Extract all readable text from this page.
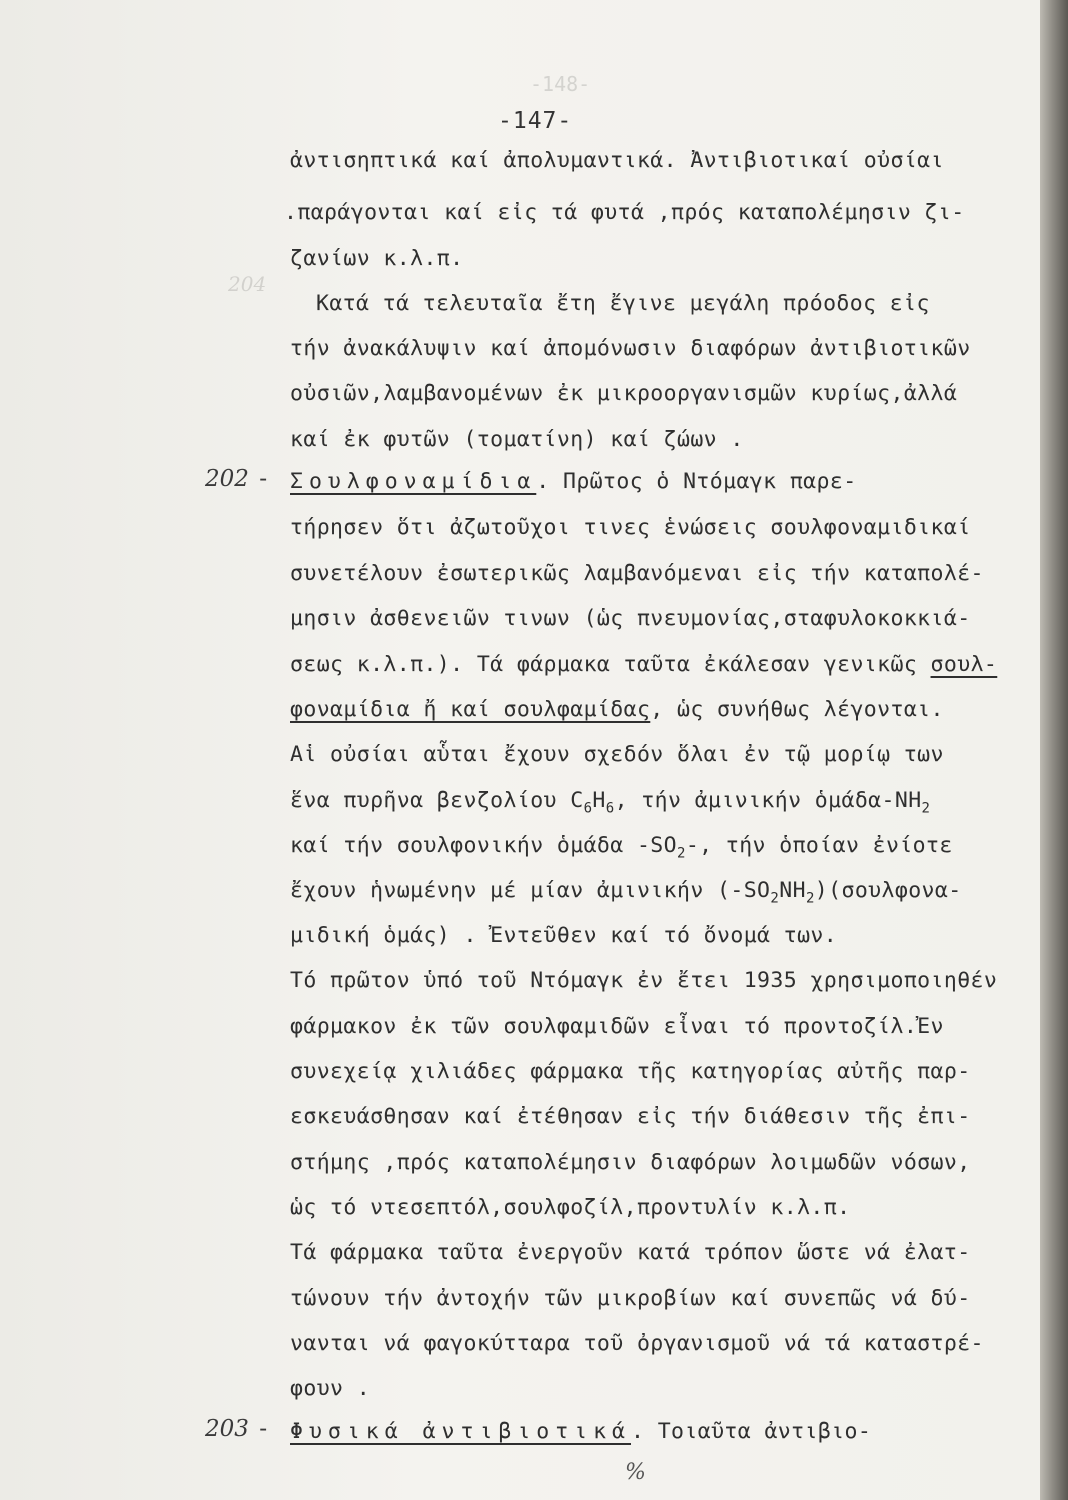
-148-
204
-147-
ἀντισηπτικά καί ἀπολυμαντικά. Ἀντιβιοτικαί οὐσίαι
.παράγονται καί εἰς τά φυτά ,πρός καταπολέμησιν ζι-
ζανίων κ.λ.π.
Κατά τά τελευταῖα ἔτη ἔγινε μεγάλη πρόοδος εἰς
τήν ἀνακάλυψιν καί ἀπομόνωσιν διαφόρων ἀντιβιοτικῶν
οὐσιῶν,λαμβανομένων ἐκ μικροοργανισμῶν κυρίως,ἀλλά
καί ἐκ φυτῶν (τοματίνη) καί ζώων .
202 - Σουλφοναμίδια. Πρῶτος ὁ Ντόμαγκ παρε-
τήρησεν ὅτι ἀζωτοῦχοι τινες ἑνώσεις σουλφοναμιδικαί
συνετέλουν ἐσωτερικῶς λαμβανόμεναι εἰς τήν καταπολέ-
μησιν ἀσθενειῶν τινων (ὡς πνευμονίας,σταφυλοκοκκιά-
σεως κ.λ.π.). Τά φάρμακα ταῦτα ἐκάλεσαν γενικῶς σουλ-
φοναμίδια ἤ καί σουλφαμίδας, ὡς συνήθως λέγονται.
Αἱ οὐσίαι αὗται ἔχουν σχεδόν ὅλαι ἐν τῷ μορίῳ των
ἕνα πυρῆνα βενζολίου $C_6H_6$, τήν ἀμινικήν ὁμάδα-$NH_2$
καί τήν σουλφονικήν ὁμάδα $-SO_2-$, τήν ὁποίαν ἐνίοτε
ἔχουν ἡνωμένην μέ μίαν ἀμινικήν $(-SO_2NH_2)(\sigma o\upsilon\lambda\varphi o\nu\alpha-$
μιδική ὁμάς) . Ἐντεῦθεν καί τό ὄνομά των.
Τό πρῶτον ὑπό τοῦ Ντόμαγκ ἐν ἔτει 1935 χρησιμοποιηθέν
φάρμακον ἐκ τῶν σουλφαμιδῶν εἶναι τό προντοζίλ.Ἐν
συνεχείᾳ χιλιάδες φάρμακα τῆς κατηγορίας αὐτῆς παρ-
εσκευάσθησαν καί ἐτέθησαν εἰς τήν διάθεσιν τῆς ἐπι-
στήμης ,πρός καταπολέμησιν διαφόρων λοιμωδῶν νόσων,
ὡς τό ντεσεπτόλ,σουλφοζίλ,προντυλίν κ.λ.π.
Τά φάρμακα ταῦτα ἐνεργοῦν κατά τρόπον ὥστε νά ἐλατ-
τώνουν τήν ἀντοχήν τῶν μικροβίων καί συνεπῶς νά δύ-
νανται νά φαγοκύτταρα τοῦ ὀργανισμοῦ νά τά καταστρέ-
φουν .
203 - Φυσικά ἀντιβιοτικά. Τοιαῦτα ἀντιβιο-
%
